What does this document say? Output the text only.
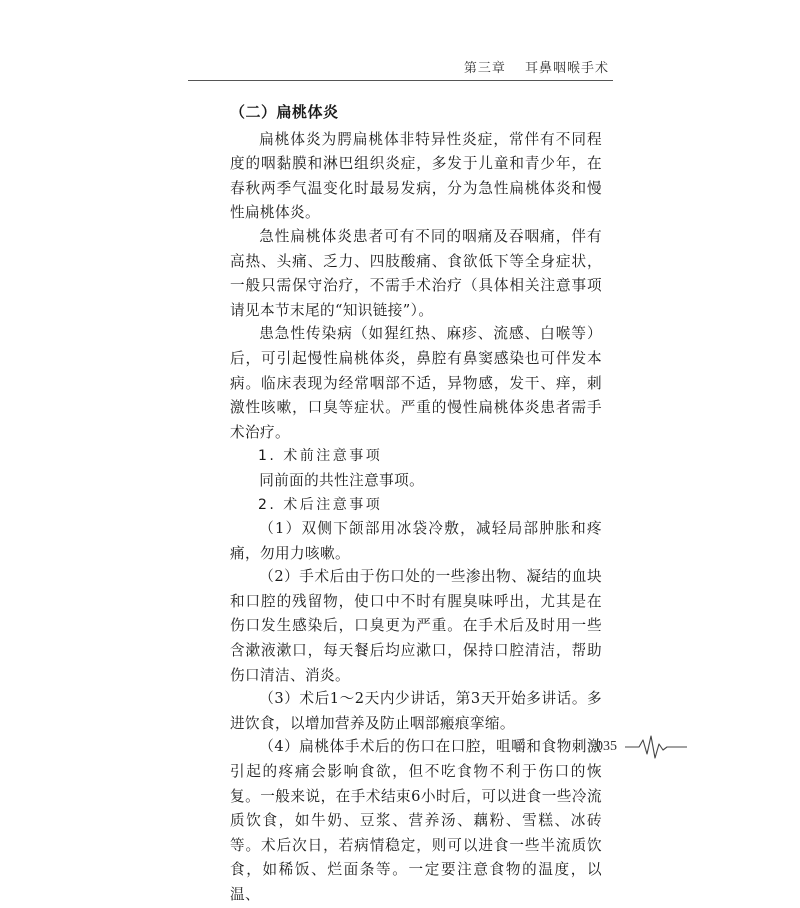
第三章 耳鼻咽喉手术
（二）扁桃体炎

扁桃体炎为腭扁桃体非特异性炎症，常伴有不同程度的咽黏膜和淋巴组织炎症，多发于儿童和青少年，在春秋两季气温变化时最易发病，分为急性扁桃体炎和慢性扁桃体炎。

急性扁桃体炎患者可有不同的咽痛及吞咽痛，伴有高热、头痛、乏力、四肢酸痛、食欲低下等全身症状，一般只需保守治疗，不需手术治疗（具体相关注意事项请见本节末尾的“知识链接”）。

患急性传染病（如猩红热、麻疹、流感、白喉等）后，可引起慢性扁桃体炎，鼻腔有鼻窦感染也可伴发本病。临床表现为经常咽部不适，异物感，发干、痒，刺激性咳嗽，口臭等症状。严重的慢性扁桃体炎患者需手术治疗。

1. 术前注意事项

同前面的共性注意事项。

2. 术后注意事项

（1）双侧下颌部用冰袋冷敷，减轻局部肿胀和疼痛，勿用力咳嗽。

（2）手术后由于伤口处的一些渗出物、凝结的血块和口腔的残留物，使口中不时有腥臭味呼出，尤其是在伤口发生感染后，口臭更为严重。在手术后及时用一些含漱液漱口，每天餐后均应漱口，保持口腔清洁，帮助伤口清洁、消炎。

（3）术后1～2天内少讲话，第3天开始多讲话。多进饮食，以增加营养及防止咽部瘢痕挛缩。

（4）扁桃体手术后的伤口在口腔，咀嚼和食物刺激引起的疼痛会影响食欲，但不吃食物不利于伤口的恢复。一般来说，在手术结束6小时后，可以进食一些冷流质饮食，如牛奶、豆浆、营养汤、藕粉、雪糕、冰砖等。术后次日，若病情稳定，则可以进食一些半流质饮食，如稀饭、烂面条等。一定要注意食物的温度，以温、

035
